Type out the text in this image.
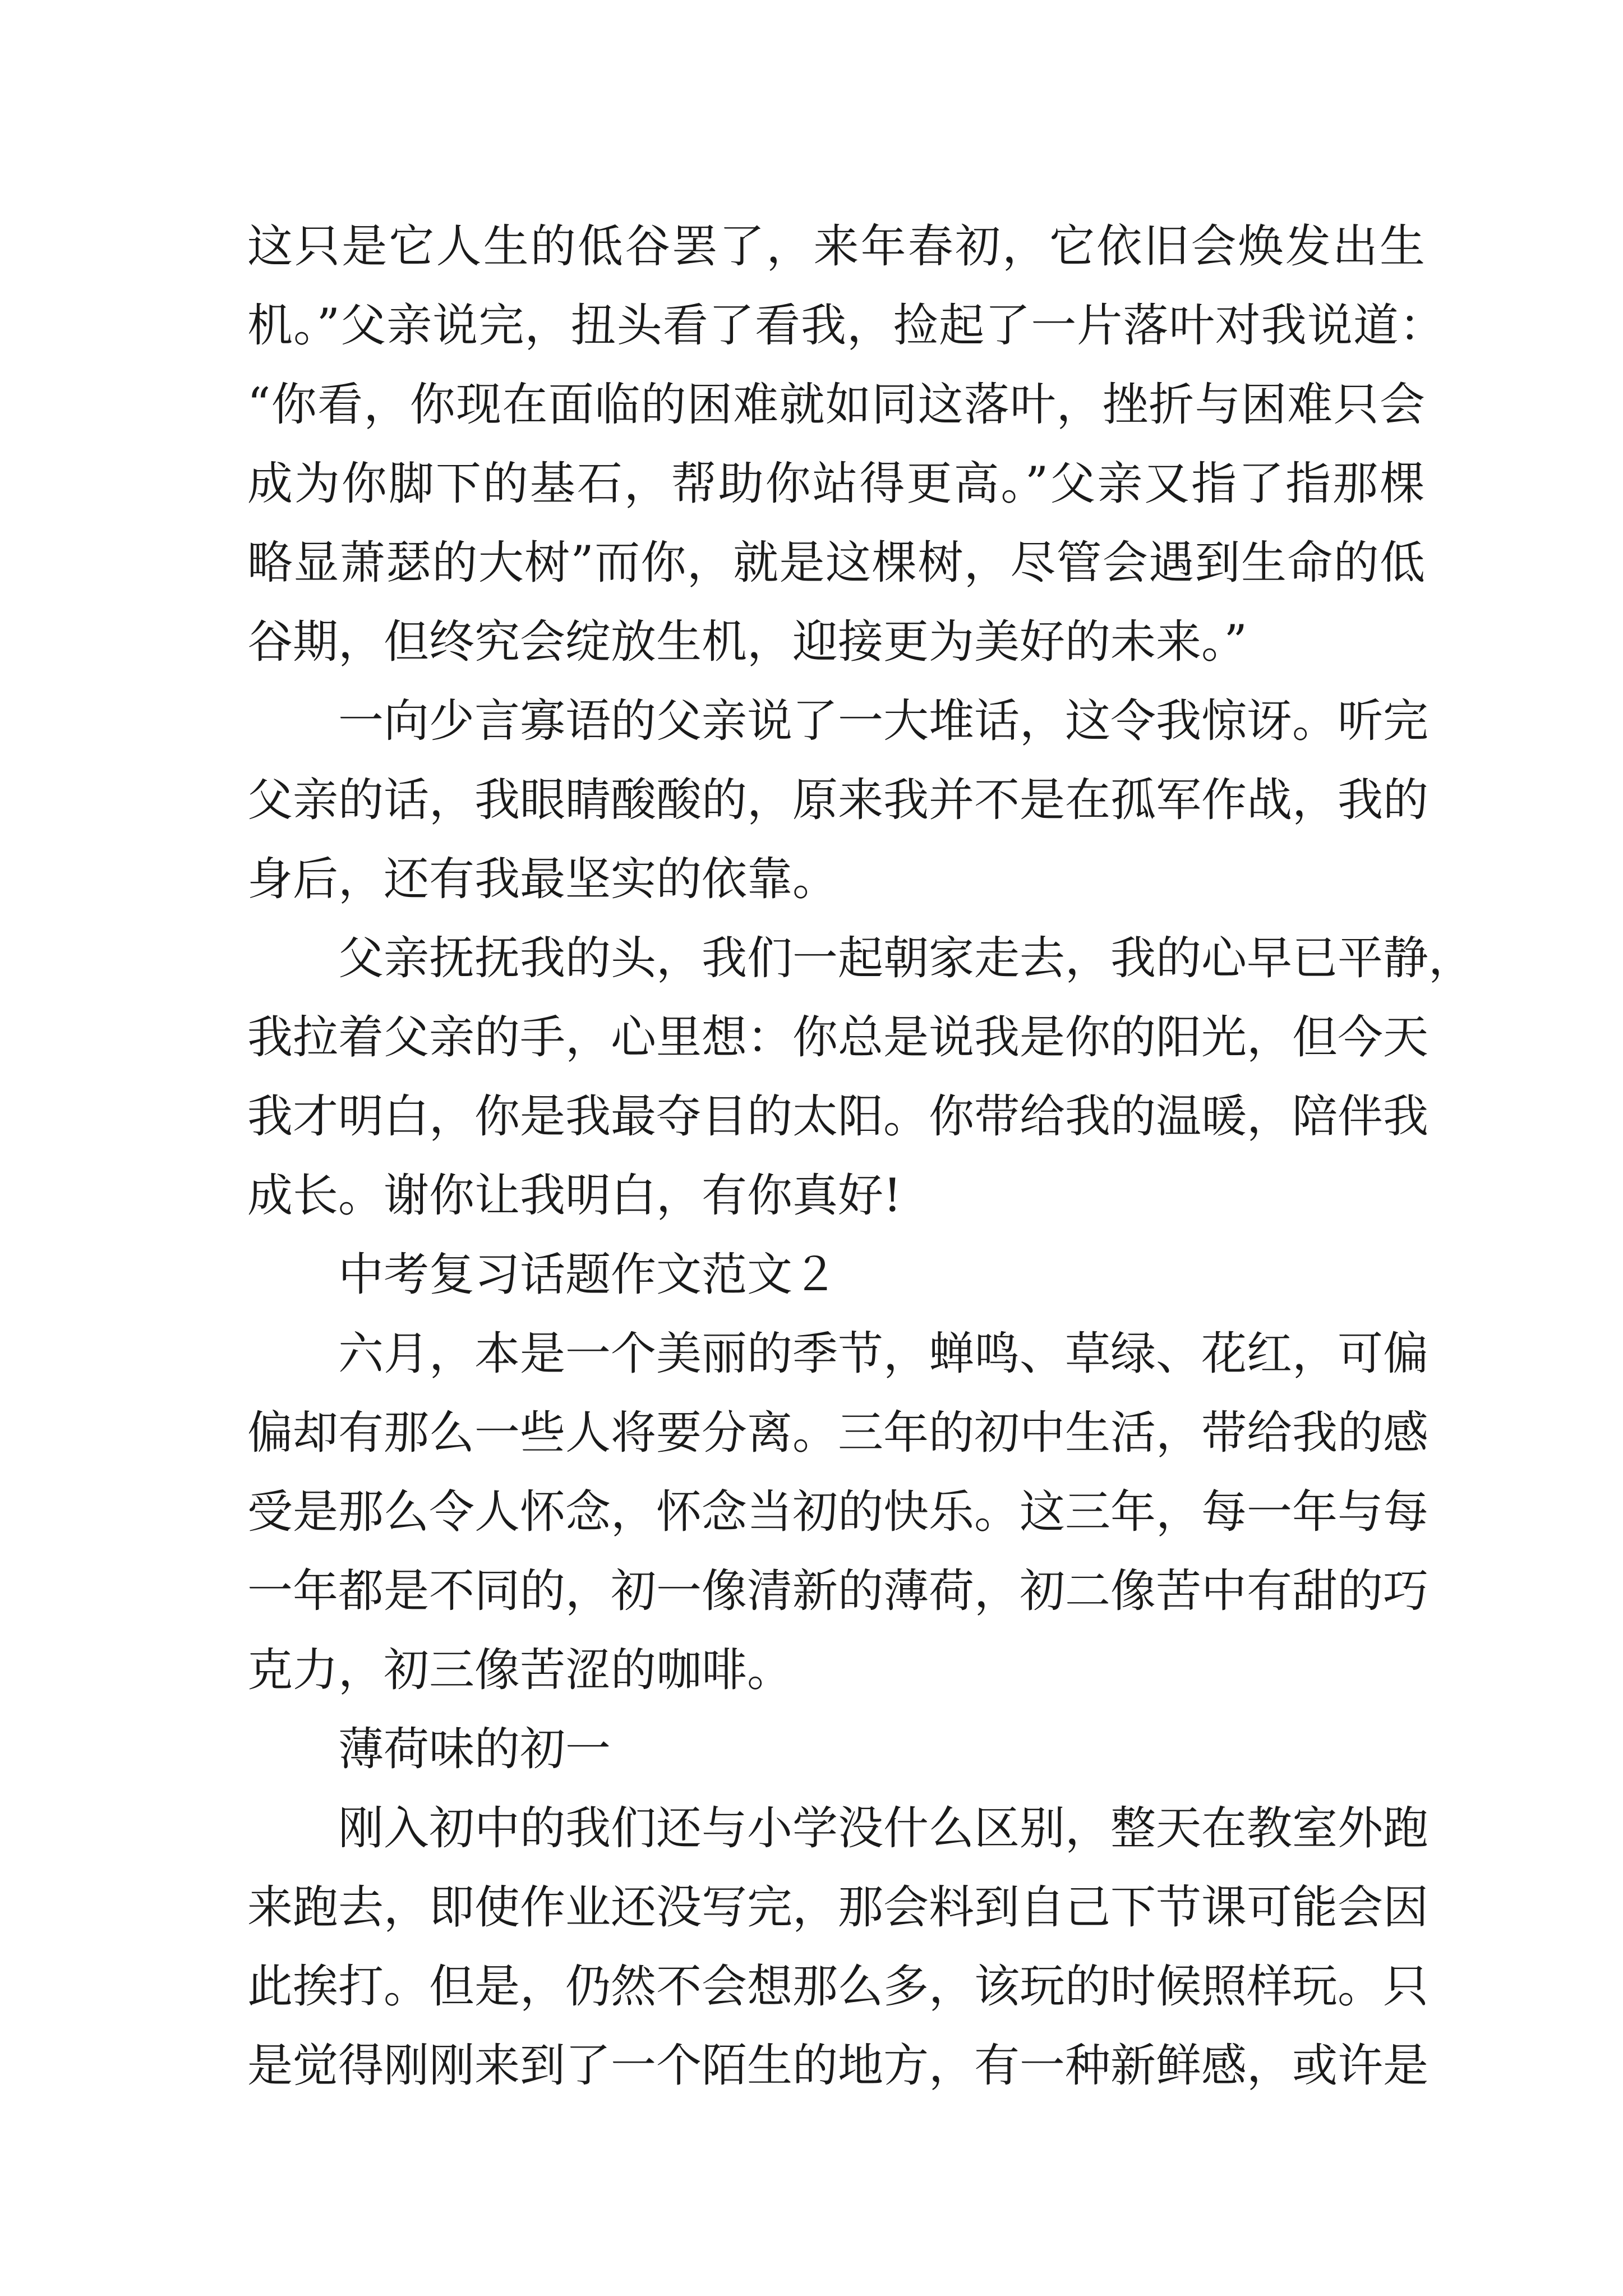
这只是它人生的低谷罢了，来年春初，它依旧会焕发出生

机。”父亲说完，扭头看了看我，捡起了一片落叶对我说道：

“你看，你现在面临的困难就如同这落叶，挫折与困难只会

成为你脚下的基石，帮助你站得更高。”父亲又指了指那棵

略显萧瑟的大树”而你，就是这棵树，尽管会遇到生命的低

谷期，但终究会绽放生机，迎接更为美好的未来。”

一向少言寡语的父亲说了一大堆话，这令我惊讶。听完

父亲的话，我眼睛酸酸的，原来我并不是在孤军作战，我的

身后，还有我最坚实的依靠。

父亲抚抚我的头，我们一起朝家走去，我的心早已平静，

我拉着父亲的手，心里想：你总是说我是你的阳光，但今天

我才明白，你是我最夺目的太阳。你带给我的温暖，陪伴我

成长。谢你让我明白，有你真好!

中考复习话题作文范文２

六月，本是一个美丽的季节，蝉鸣、草绿、花红，可偏

偏却有那么一些人将要分离。三年的初中生活，带给我的感

受是那么令人怀念，怀念当初的快乐。这三年，每一年与每

一年都是不同的，初一像清新的薄荷，初二像苦中有甜的巧

克力，初三像苦涩的咖啡。

薄荷味的初一

刚入初中的我们还与小学没什么区别，整天在教室外跑

来跑去，即使作业还没写完，那会料到自己下节课可能会因

此挨打。但是，仍然不会想那么多，该玩的时候照样玩。只

是觉得刚刚来到了一个陌生的地方，有一种新鲜感，或许是
